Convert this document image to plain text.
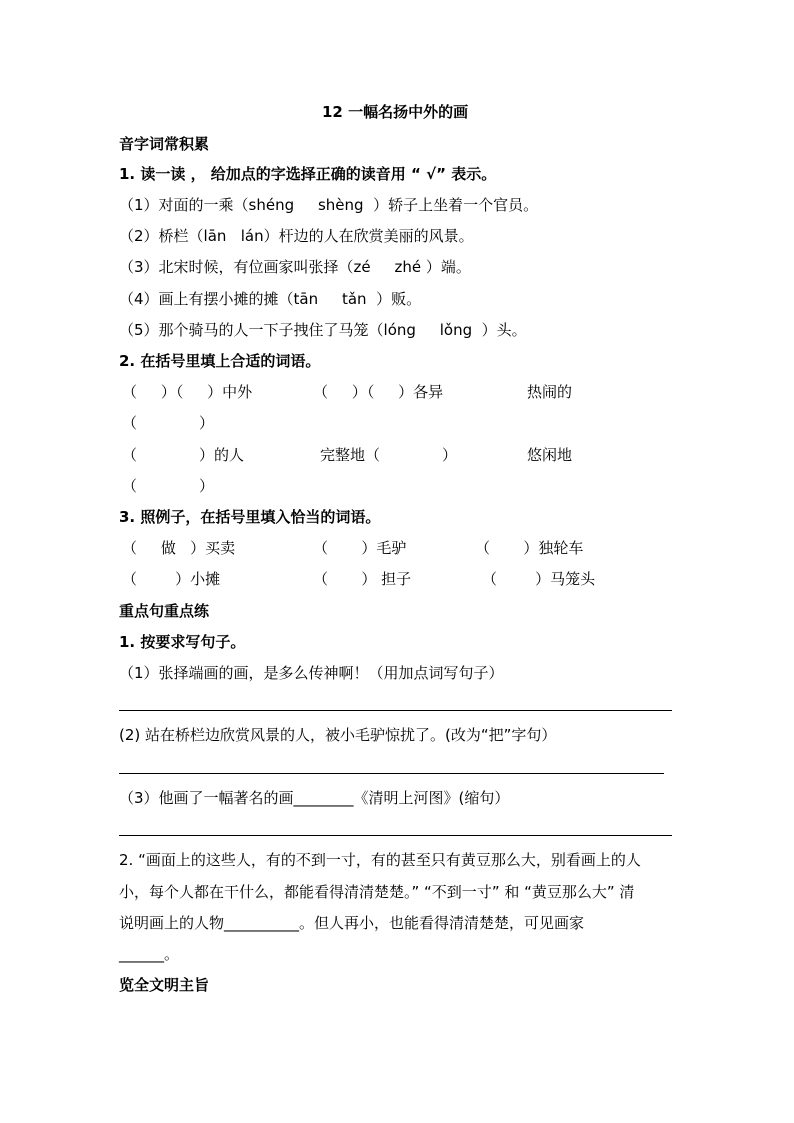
12 一幅名扬中外的画
音字词常积累
1. 读一读 ， 给加点的字选择正确的读音用 “ √” 表示。
（1）对面的一乘（shéng     shèng  ）轿子上坐着一个官员。
（2）桥栏（lān   lán）杆边的人在欣赏美丽的风景。
（3）北宋时候，有位画家叫张择（zé     zhé ）端。
（4）画上有摆小摊的摊（tān     tǎn  ）贩。
（5）那个骑马的人一下子拽住了马笼（lóng     lǒng  ）头。
2. 在括号里填上合适的词语。
（     ）（     ）中外	（     ）（     ）各异	热闹的
（             ）
（             ）的人	完整地（             ）	悠闲地
（             ）
3. 照例子，在括号里填入恰当的词语。
（     做   ）买卖	（       ）毛驴	（       ）独轮车
（        ）小摊	（       ） 担子	（        ）马笼头
重点句重点练
1. 按要求写句子。
（1）张择端画的画，是多么传神啊！（用加点词写句子）
(2) 站在桥栏边欣赏风景的人，被小毛驴惊扰了。(改为“把”字句）
（3）他画了一幅著名的画________《清明上河图》(缩句）
2. “画面上的这些人，有的不到一寸，有的甚至只有黄豆那么大，别看画上的人
小，每个人都在干什么，都能看得清清楚楚。” “不到一寸” 和 “黄豆那么大” 清
说明画上的人物__________。但人再小，也能看得清清楚楚，可见画家
______。
览全文明主旨
